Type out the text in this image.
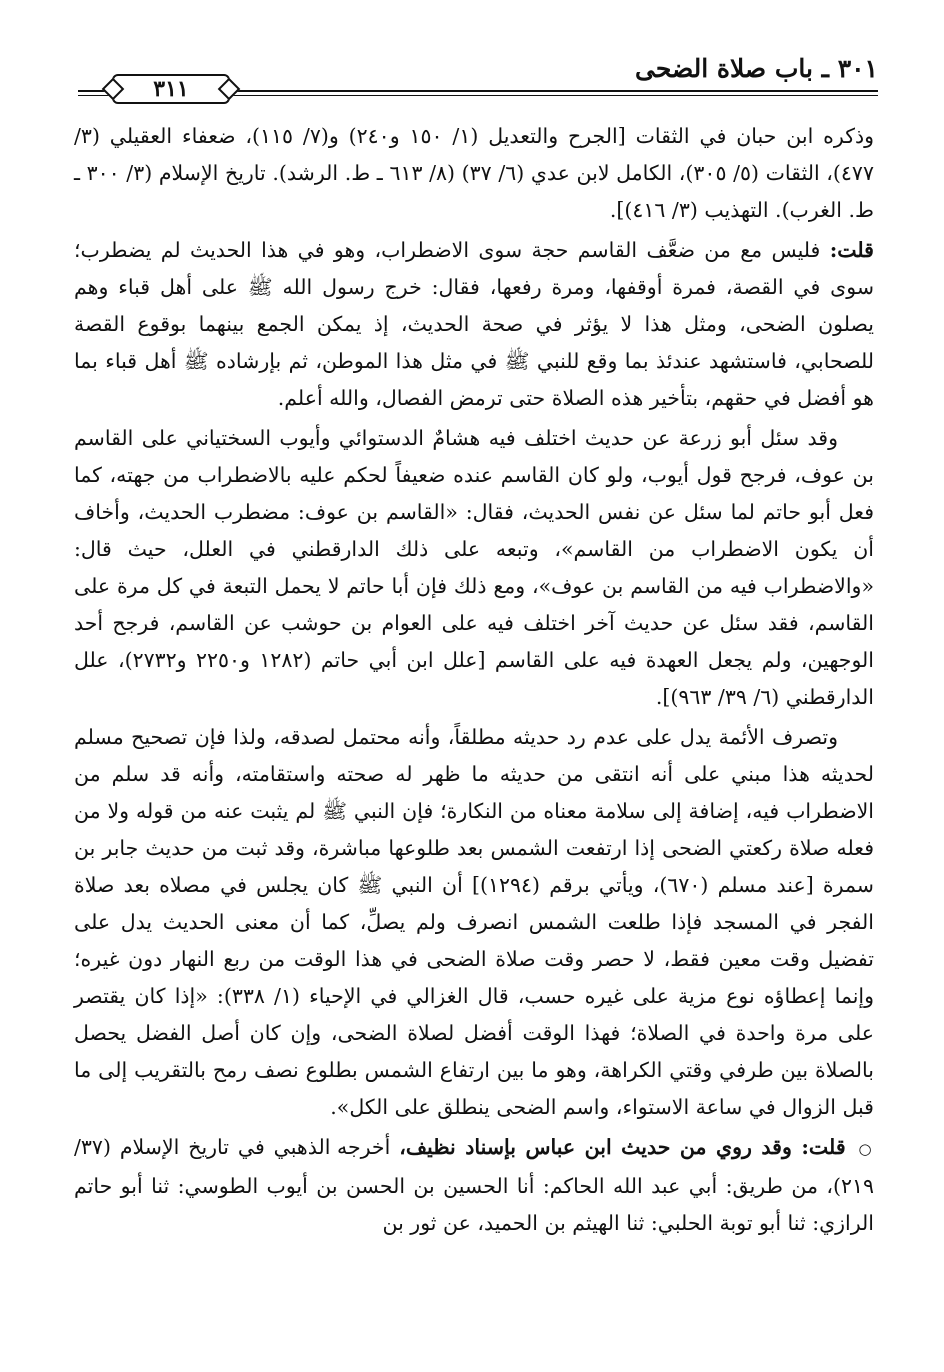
٣١١
٣٠١ ـ باب صلاة الضحى

وذكره ابن حبان في الثقات [الجرح والتعديل (١/ ١٥٠ و٢٤٠) و(٧/ ١١٥)، ضعفاء العقيلي (٣/ ٤٧٧)، الثقات (٥/ ٣٠٥)، الكامل لابن عدي (٦/ ٣٧) (٨/ ٦١٣ ـ ط. الرشد). تاريخ الإسلام (٣/ ٣٠٠ ـ ط. الغرب). التهذيب (٣/ ٤١٦)].

قلت: فليس مع من ضعَّف القاسم حجة سوى الاضطراب، وهو في هذا الحديث لم يضطرب؛ سوى في القصة، فمرة أوقفها، ومرة رفعها، فقال: خرج رسول الله ﷺ على أهل قباء وهم يصلون الضحى، ومثل هذا لا يؤثر في صحة الحديث، إذ يمكن الجمع بينهما بوقوع القصة للصحابي، فاستشهد عندئذ بما وقع للنبي ﷺ في مثل هذا الموطن، ثم بإرشاده ﷺ أهل قباء بما هو أفضل في حقهم، بتأخير هذه الصلاة حتى ترمض الفصال، والله أعلم.

وقد سئل أبو زرعة عن حديث اختلف فيه هشامٌ الدستوائي وأيوب السختياني على القاسم بن عوف، فرجح قول أيوب، ولو كان القاسم عنده ضعيفاً لحكم عليه بالاضطراب من جهته، كما فعل أبو حاتم لما سئل عن نفس الحديث، فقال: «القاسم بن عوف: مضطرب الحديث، وأخاف أن يكون الاضطراب من القاسم»، وتبعه على ذلك الدارقطني في العلل، حيث قال: «والاضطراب فيه من القاسم بن عوف»، ومع ذلك فإن أبا حاتم لا يحمل التبعة في كل مرة على القاسم، فقد سئل عن حديث آخر اختلف فيه على العوام بن حوشب عن القاسم، فرجح أحد الوجهين، ولم يجعل العهدة فيه على القاسم [علل ابن أبي حاتم (١٢٨٢ و٢٢٥٠ و٢٧٣٢)، علل الدارقطني (٦/ ٣٩/ ٩٦٣)].

وتصرف الأئمة يدل على عدم رد حديثه مطلقاً، وأنه محتمل لصدقه، ولذا فإن تصحيح مسلم لحديثه هذا مبني على أنه انتقى من حديثه ما ظهر له صحته واستقامته، وأنه قد سلم من الاضطراب فيه، إضافة إلى سلامة معناه من النكارة؛ فإن النبي ﷺ لم يثبت عنه من قوله ولا من فعله صلاة ركعتي الضحى إذا ارتفعت الشمس بعد طلوعها مباشرة، وقد ثبت من حديث جابر بن سمرة [عند مسلم (٦٧٠)، ويأتي برقم (١٢٩٤)] أن النبي ﷺ كان يجلس في مصلاه بعد صلاة الفجر في المسجد فإذا طلعت الشمس انصرف ولم يصلِّ، كما أن معنى الحديث يدل على تفضيل وقت معين فقط، لا حصر وقت صلاة الضحى في هذا الوقت من ربع النهار دون غيره؛ وإنما إعطاؤه نوع مزية على غيره حسب، قال الغزالي في الإحياء (١/ ٣٣٨): «إذا كان يقتصر على مرة واحدة في الصلاة؛ فهذا الوقت أفضل لصلاة الضحى، وإن كان أصل الفضل يحصل بالصلاة بين طرفي وقتي الكراهة، وهو ما بين ارتفاع الشمس بطلوع نصف رمح بالتقريب إلى ما قبل الزوال في ساعة الاستواء، واسم الضحى ينطلق على الكل».

○ قلت: وقد روي من حديث ابن عباس بإسناد نظيف، أخرجه الذهبي في تاريخ الإسلام (٣٧/ ٢١٩)، من طريق: أبي عبد الله الحاكم: أنا الحسين بن الحسن بن أيوب الطوسي: ثنا أبو حاتم الرازي: ثنا أبو توبة الحلبي: ثنا الهيثم بن الحميد، عن ثور بن
